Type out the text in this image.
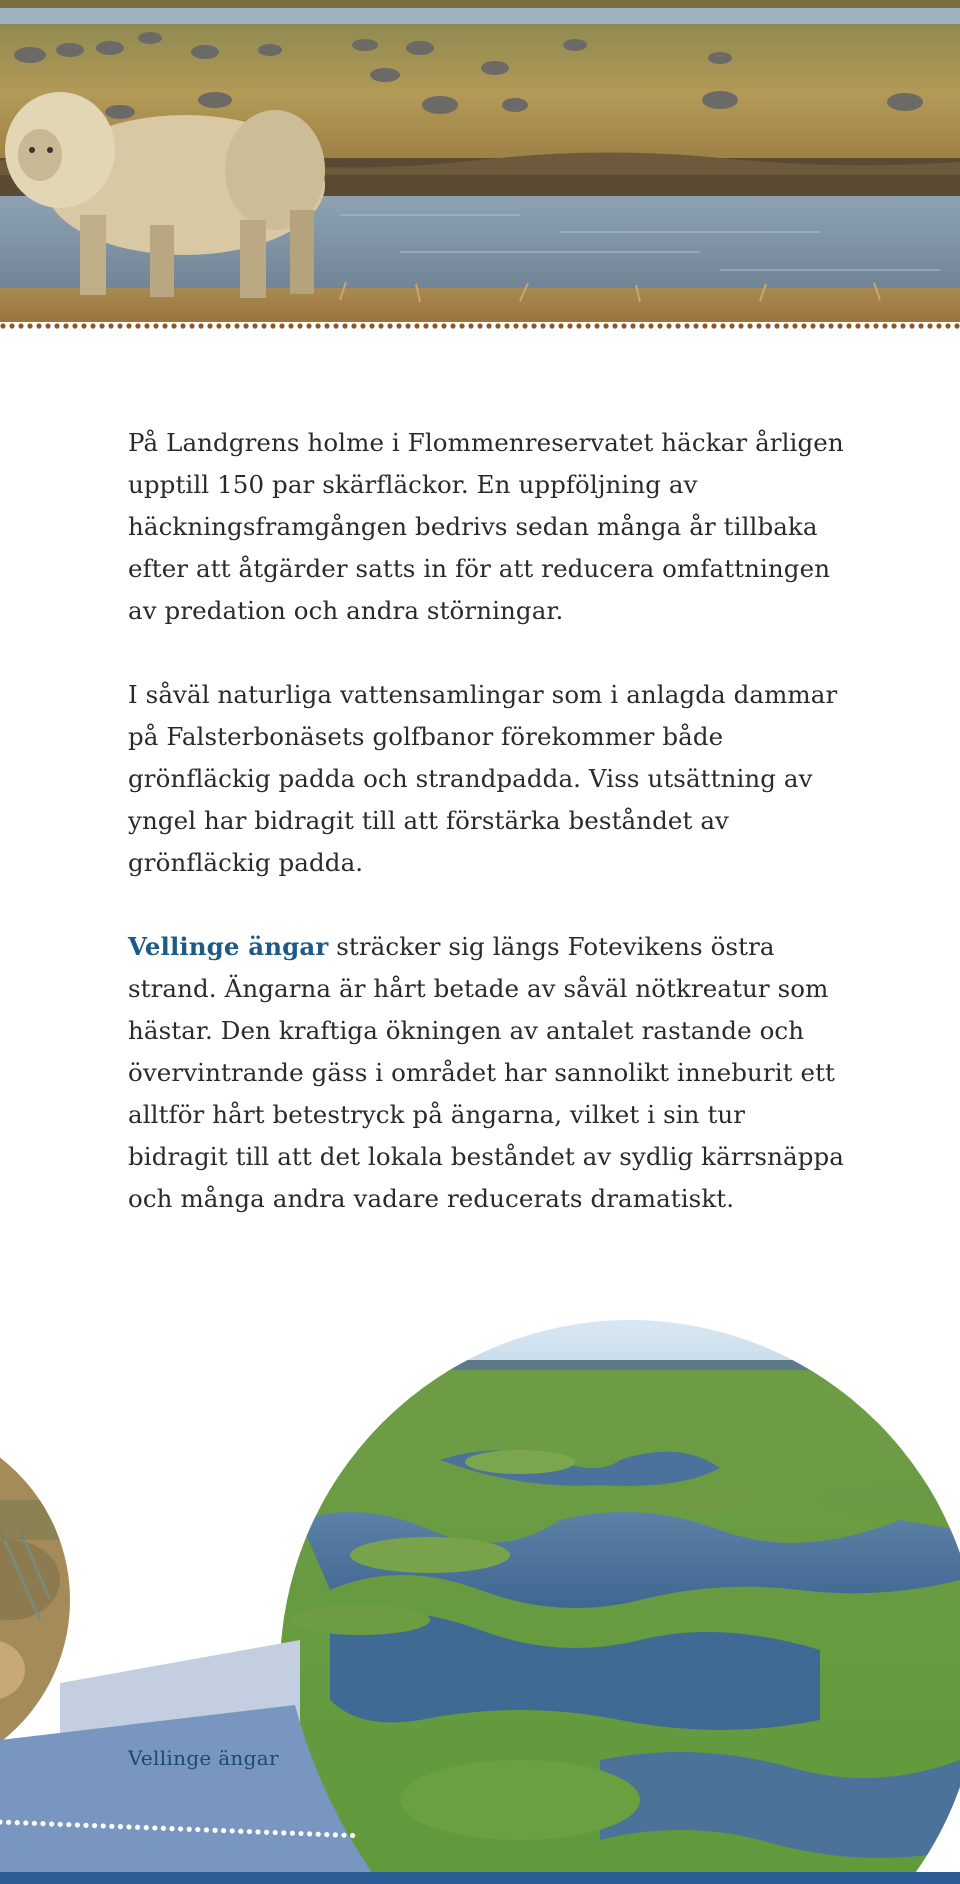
På Landgrens holme i Flommenreservatet häckar årligen upptill 150 par skärfläckor. En uppföljning av häckningsframgången bedrivs sedan många år tillbaka efter att åtgärder satts in för att reducera omfattningen av predation och andra störningar.

I såväl naturliga vattensamlingar som i anlagda dammar på Falsterbonäsets golfbanor förekommer både grönfläckig padda och strandpadda. Viss utsättning av yngel har bidragit till att förstärka beståndet av grönfläckig padda.

Vellinge ängar sträcker sig längs Fotevikens östra strand. Ängarna är hårt betade av såväl nötkreatur som hästar. Den kraftiga ökningen av antalet rastande och övervintrande gäss i området har sannolikt inneburit ett alltför hårt betestryck på ängarna, vilket i sin tur bidragit till att det lokala beståndet av sydlig kärrsnäppa och många andra vadare reducerats dramatiskt.

Vellinge ängar
